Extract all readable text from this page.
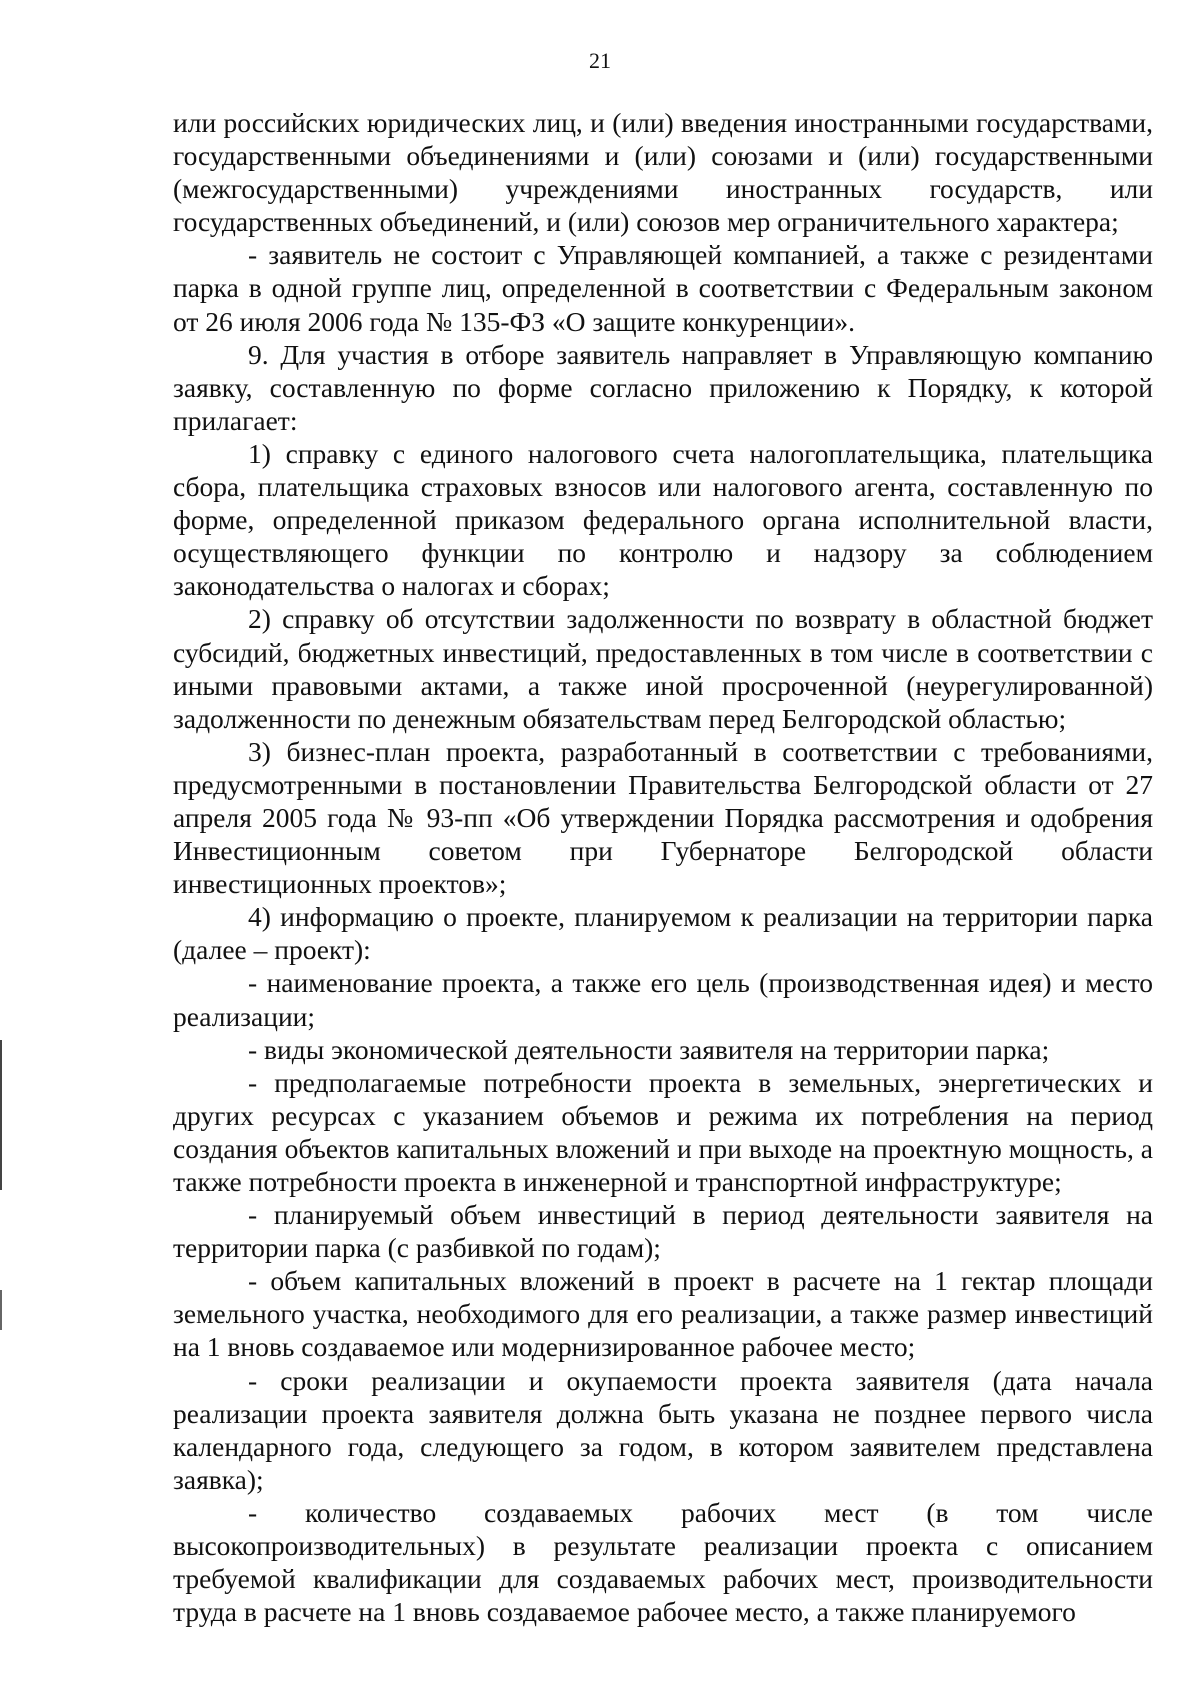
21

или российских юридических лиц, и (или) введения иностранными государствами, государственными объединениями и (или) союзами и (или) государственными (межгосударственными) учреждениями иностранных государств, или государственных объединений, и (или) союзов мер ограничительного характера;

- заявитель не состоит с Управляющей компанией, а также с резидентами парка в одной группе лиц, определенной в соответствии с Федеральным законом от 26 июля 2006 года № 135-ФЗ «О защите конкуренции».

9. Для участия в отборе заявитель направляет в Управляющую компанию заявку, составленную по форме согласно приложению к Порядку, к которой прилагает:

1) справку с единого налогового счета налогоплательщика, плательщика сбора, плательщика страховых взносов или налогового агента, составленную по форме, определенной приказом федерального органа исполнительной власти, осуществляющего функции по контролю и надзору за соблюдением законодательства о налогах и сборах;

2) справку об отсутствии задолженности по возврату в областной бюджет субсидий, бюджетных инвестиций, предоставленных в том числе в соответствии с иными правовыми актами, а также иной просроченной (неурегулированной) задолженности по денежным обязательствам перед Белгородской областью;

3) бизнес-план проекта, разработанный в соответствии с требованиями, предусмотренными в постановлении Правительства Белгородской области от 27 апреля 2005 года № 93-пп «Об утверждении Порядка рассмотрения и одобрения Инвестиционным советом при Губернаторе Белгородской области инвестиционных проектов»;

4) информацию о проекте, планируемом к реализации на территории парка (далее – проект):

- наименование проекта, а также его цель (производственная идея) и место реализации;

- виды экономической деятельности заявителя на территории парка;

- предполагаемые потребности проекта в земельных, энергетических и других ресурсах с указанием объемов и режима их потребления на период создания объектов капитальных вложений и при выходе на проектную мощность, а также потребности проекта в инженерной и транспортной инфраструктуре;

- планируемый объем инвестиций в период деятельности заявителя на территории парка (с разбивкой по годам);

- объем капитальных вложений в проект в расчете на 1 гектар площади земельного участка, необходимого для его реализации, а также размер инвестиций на 1 вновь создаваемое или модернизированное рабочее место;

- сроки реализации и окупаемости проекта заявителя (дата начала реализации проекта заявителя должна быть указана не позднее первого числа календарного года, следующего за годом, в котором заявителем представлена заявка);

- количество создаваемых рабочих мест (в том числе высокопроизводительных) в результате реализации проекта с описанием требуемой квалификации для создаваемых рабочих мест, производительности труда в расчете на 1 вновь создаваемое рабочее место, а также планируемого
